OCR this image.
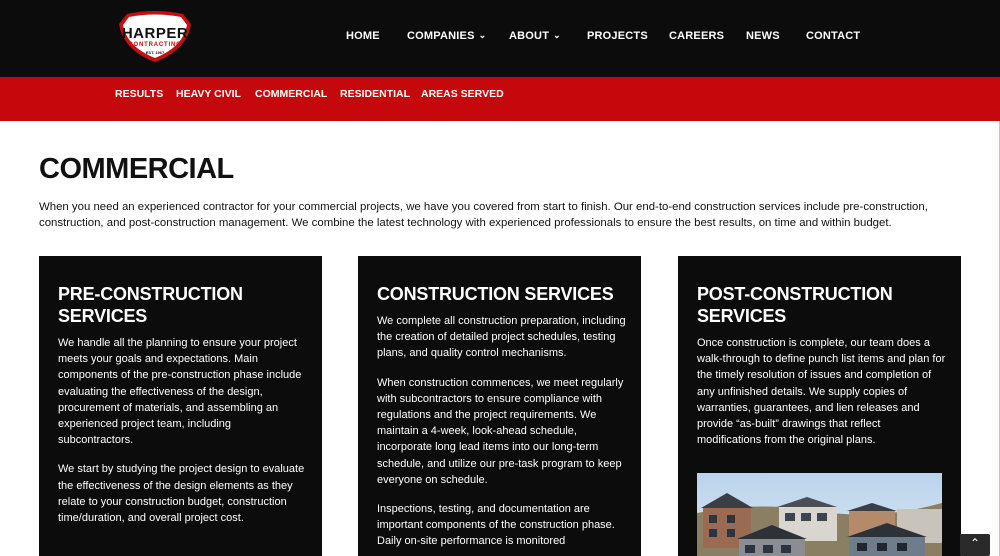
HARPER
CONTRACTING
EST. 1967
HOME COMPANIES ⌄ ABOUT ⌄ PROJECTS CAREERS NEWS CONTACT
RESULTS HEAVY CIVIL COMMERCIAL RESIDENTIAL AREAS SERVED
COMMERCIAL

When you need an experienced contractor for your commercial projects, we have you covered from start to finish. Our end-to-end construction services include pre-construction, construction, and post-construction management. We combine the latest technology with experienced professionals to ensure the best results, on time and within budget.

PRE-CONSTRUCTION SERVICES

We handle all the planning to ensure your project meets your goals and expectations. Main components of the pre-construction phase include evaluating the effectiveness of the design, procurement of materials, and assembling an experienced project team, including subcontractors.

We start by studying the project design to evaluate the effectiveness of the design elements as they relate to your construction budget, construction time/duration, and overall project cost.

CONSTRUCTION SERVICES

We complete all construction preparation, including the creation of detailed project schedules, testing plans, and quality control mechanisms.

When construction commences, we meet regularly with subcontractors to ensure compliance with regulations and the project requirements. We maintain a 4-week, look-ahead schedule, incorporate long lead items into our long-term schedule, and utilize our pre-task program to keep everyone on schedule.

Inspections, testing, and documentation are important components of the construction phase. Daily on-site performance is monitored

POST-CONSTRUCTION SERVICES

Once construction is complete, our team does a walk-through to define punch list items and plan for the timely resolution of issues and completion of any unfinished details. We supply copies of warranties, guarantees, and lien releases and provide “as-built” drawings that reflect modifications from the original plans.

⌃
